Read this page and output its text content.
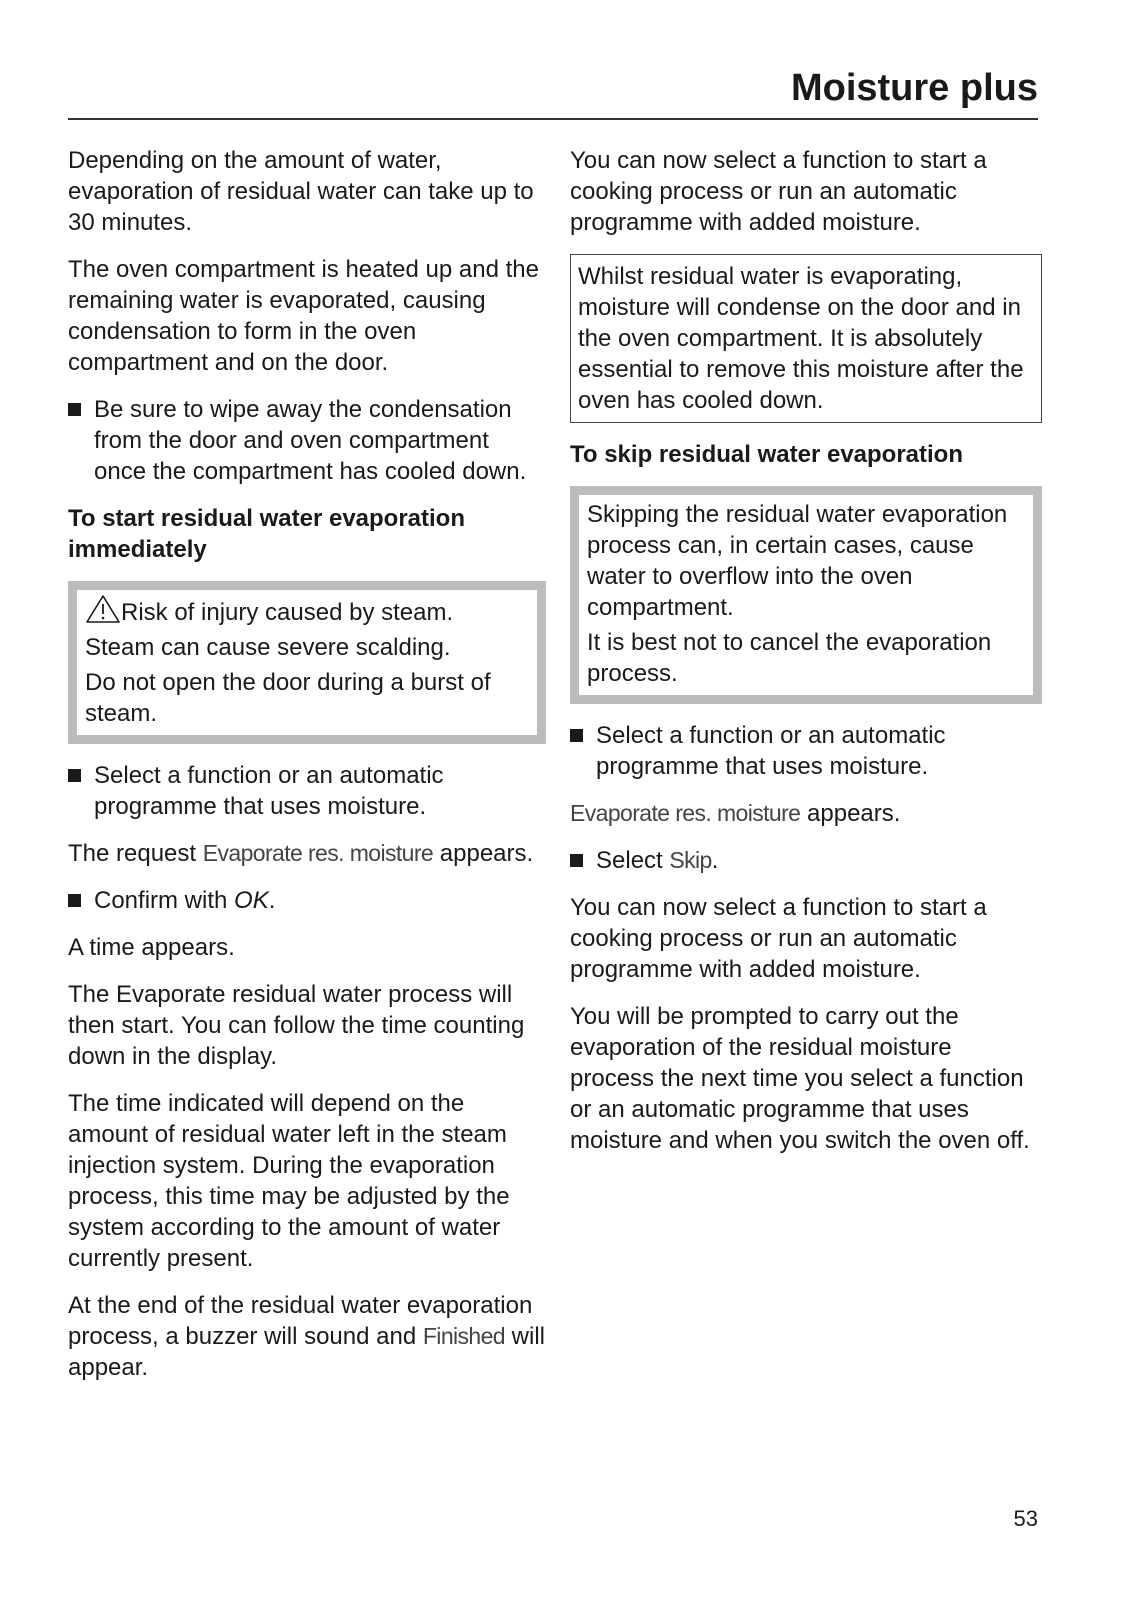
Moisture plus

Depending on the amount of water, evaporation of residual water can take up to 30 minutes.

The oven compartment is heated up and the remaining water is evaporated, causing condensation to form in the oven compartment and on the door.

Be sure to wipe away the condensation from the door and oven compartment once the compartment has cooled down.
To start residual water evaporation immediately

Risk of injury caused by steam.

Steam can cause severe scalding.

Do not open the door during a burst of steam.

Select a function or an automatic programme that uses moisture.

The request Evaporate res. moisture appears.

Confirm with OK.

A time appears.

The Evaporate residual water process will then start. You can follow the time counting down in the display.

The time indicated will depend on the amount of residual water left in the steam injection system. During the evaporation process, this time may be adjusted by the system according to the amount of water currently present.

At the end of the residual water evaporation process, a buzzer will sound and Finished will appear.

You can now select a function to start a cooking process or run an automatic programme with added moisture.

Whilst residual water is evaporating, moisture will condense on the door and in the oven compartment. It is absolutely essential to remove this moisture after the oven has cooled down.

To skip residual water evaporation

Skipping the residual water evaporation process can, in certain cases, cause water to overflow into the oven compartment.

It is best not to cancel the evaporation process.

Select a function or an automatic programme that uses moisture.

Evaporate res. moisture appears.

Select Skip.

You can now select a function to start a cooking process or run an automatic programme with added moisture.

You will be prompted to carry out the evaporation of the residual moisture process the next time you select a function or an automatic programme that uses moisture and when you switch the oven off.

53
